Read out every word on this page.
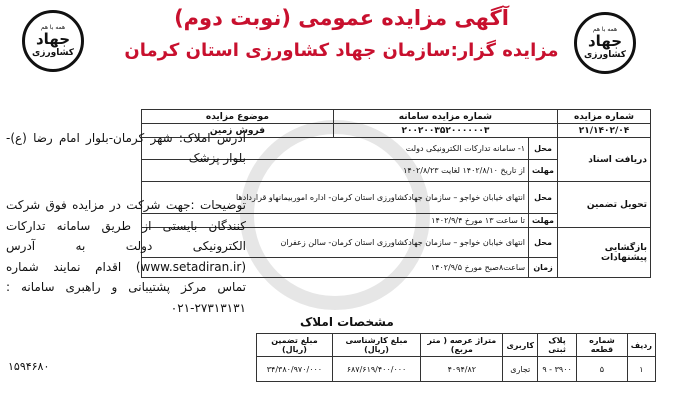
همه با هم
جهاد
کشاورزی
همه با هم
جهاد
کشاورزی
آگهی مزایده عمومی (نوبت دوم)
مزایده گزار:سازمان جهاد کشاورزی استان کرمان
شماره مزایده	شماره مزایده سامانه		موضوع مزایده
۲۱/۱۴۰۲/۰۴	۲۰۰۲۰۰۳۵۲۰۰۰۰۰۰۳		فروش زمین
دریافت اسناد	محل	۱- سامانه تدارکات الکترونیکی دولت	
	مهلت	از تاریخ ۱۴۰۲/۸/۱۰ لغایت ۱۴۰۲/۸/۲۳	
تحویل تضمین	محل	انتهای خیابان خواجو – سازمان جهادکشاورزی استان کرمان- اداره اموربیمانهاو قراردادها	
	مهلت	تا ساعت ۱۳ مورخ ۱۴۰۲/۹/۴	
بازگشایی پیشنهادات	محل	انتهای خیابان خواجو – سازمان جهادکشاورزی استان کرمان- سالن زعفران	
	زمان	ساعت۸صبح مورخ ۱۴۰۲/۹/۵	
مشخصات املاک
ردیف	شماره قطعه	پلاک ثبتی	کاربری	متراژ عرصه ( متر مربع)	مبلغ کارشناسی (ریال)	مبلغ تضمین (ریال)
۱	۵	۳۹۰۰ - ۹	تجاری	۴۰۹۴/۸۲	۶۸۷/۶۱۹/۴۰۰/۰۰۰	۳۴/۳۸۰/۹۷۰/۰۰۰
آدرس املاک: شهر کرمان-بلوار امام رضا (ع)-بلوار پزشک
توضیحات :جهت شرکت در مزایده فوق شرکت کنندگان بایستی از طریق سامانه تدارکات الکترونیکی دولت به آدرس (www.setadiran.ir) اقدام نمایند شماره تماس مرکز پشتیبانی و راهبری سامانه : ۲۷۳۱۳۱۳۱-۰۲۱
۱۵۹۴۶۸۰
